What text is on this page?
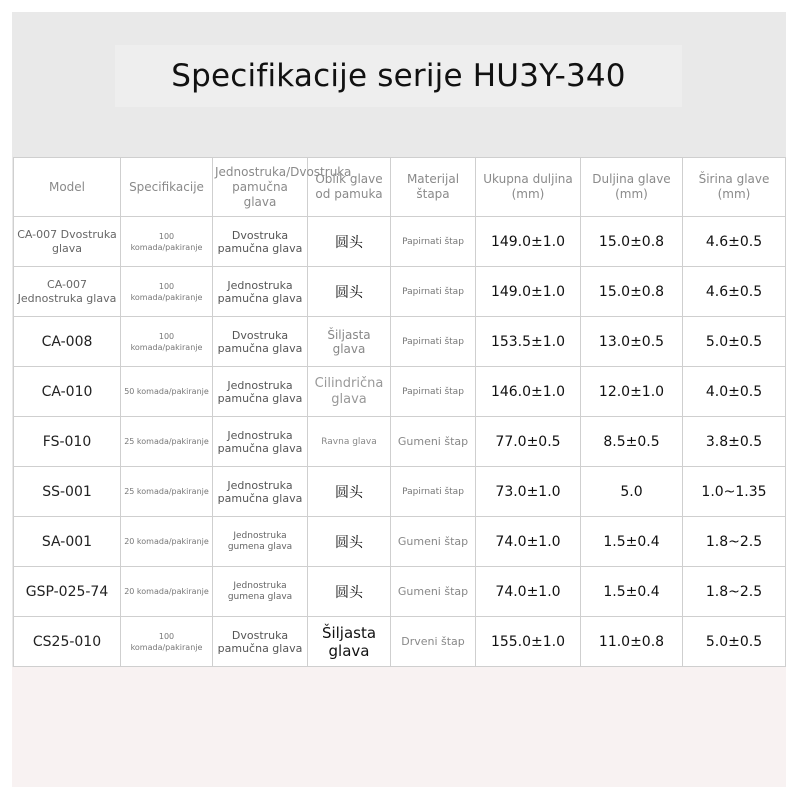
Specifikacije serije HU3Y-340
Model	Specifikacije	Jednostruka/Dvostruka pamučna glava	Oblik glave od pamuka	Materijal štapa	Ukupna duljina (mm)	Duljina glave (mm)	Širina glave (mm)
CA-007 Dvostruka glava	100 komada/pakiranje	Dvostruka pamučna glava	圆头	Papirnati štap	149.0±1.0	15.0±0.8	4.6±0.5
CA-007 Jednostruka glava	100 komada/pakiranje	Jednostruka pamučna glava	圆头	Papirnati štap	149.0±1.0	15.0±0.8	4.6±0.5
CA-008	100 komada/pakiranje	Dvostruka pamučna glava	Šiljasta glava	Papirnati štap	153.5±1.0	13.0±0.5	5.0±0.5
CA-010	50 komada/pakiranje	Jednostruka pamučna glava	Cilindrična glava	Papirnati štap	146.0±1.0	12.0±1.0	4.0±0.5
FS-010	25 komada/pakiranje	Jednostruka pamučna glava	Ravna glava	Gumeni štap	77.0±0.5	8.5±0.5	3.8±0.5
SS-001	25 komada/pakiranje	Jednostruka pamučna glava	圆头	Papirnati štap	73.0±1.0	5.0	1.0~1.35
SA-001	20 komada/pakiranje	Jednostruka gumena glava	圆头	Gumeni štap	74.0±1.0	1.5±0.4	1.8~2.5
GSP-025-74	20 komada/pakiranje	Jednostruka gumena glava	圆头	Gumeni štap	74.0±1.0	1.5±0.4	1.8~2.5
CS25-010	100 komada/pakiranje	Dvostruka pamučna glava	Šiljasta glava	Drveni štap	155.0±1.0	11.0±0.8	5.0±0.5
